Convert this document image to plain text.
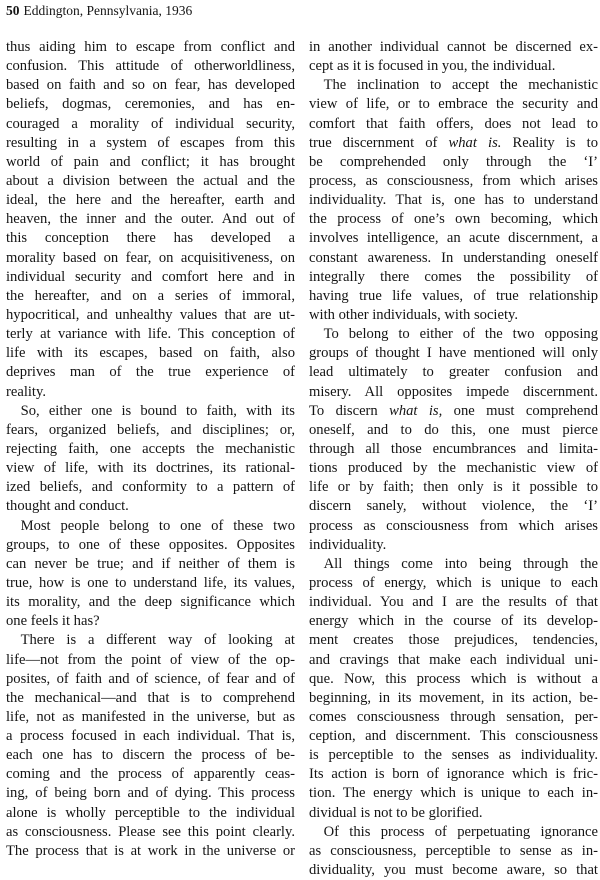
50 Eddington, Pennsylvania, 1936
thus aiding him to escape from conflict and
confusion. This attitude of otherworldliness,
based on faith and so on fear, has developed
beliefs, dogmas, ceremonies, and has en-
couraged a morality of individual security,
resulting in a system of escapes from this
world of pain and conflict; it has brought
about a division between the actual and the
ideal, the here and the hereafter, earth and
heaven, the inner and the outer. And out of
this conception there has developed a
morality based on fear, on acquisitiveness, on
individual security and comfort here and in
the hereafter, and on a series of immoral,
hypocritical, and unhealthy values that are ut-
terly at variance with life. This conception of
life with its escapes, based on faith, also
deprives man of the true experience of
reality.
 So, either one is bound to faith, with its
fears, organized beliefs, and disciplines; or,
rejecting faith, one accepts the mechanistic
view of life, with its doctrines, its rational-
ized beliefs, and conformity to a pattern of
thought and conduct.
 Most people belong to one of these two
groups, to one of these opposites. Opposites
can never be true; and if neither of them is
true, how is one to understand life, its values,
its morality, and the deep significance which
one feels it has?
 There is a different way of looking at
life—not from the point of view of the op-
posites, of faith and of science, of fear and of
the mechanical—and that is to comprehend
life, not as manifested in the universe, but as
a process focused in each individual. That is,
each one has to discern the process of be-
coming and the process of apparently ceas-
ing, of being born and of dying. This process
alone is wholly perceptible to the individual
as consciousness. Please see this point clearly.
The process that is at work in the universe or
in another individual cannot be discerned ex-
cept as it is focused in you, the individual.
 The inclination to accept the mechanistic
view of life, or to embrace the security and
comfort that faith offers, does not lead to
true discernment of what is. Reality is to
be comprehended only through the ‘I’
process, as consciousness, from which arises
individuality. That is, one has to understand
the process of one’s own becoming, which
involves intelligence, an acute discernment, a
constant awareness. In understanding oneself
integrally there comes the possibility of
having true life values, of true relationship
with other individuals, with society.
 To belong to either of the two opposing
groups of thought I have mentioned will only
lead ultimately to greater confusion and
misery. All opposites impede discernment.
To discern what is, one must comprehend
oneself, and to do this, one must pierce
through all those encumbrances and limita-
tions produced by the mechanistic view of
life or by faith; then only is it possible to
discern sanely, without violence, the ‘I’
process as consciousness from which arises
individuality.
 All things come into being through the
process of energy, which is unique to each
individual. You and I are the results of that
energy which in the course of its develop-
ment creates those prejudices, tendencies,
and cravings that make each individual uni-
que. Now, this process which is without a
beginning, in its movement, in its action, be-
comes consciousness through sensation, per-
ception, and discernment. This consciousness
is perceptible to the senses as individuality.
Its action is born of ignorance which is fric-
tion. The energy which is unique to each in-
dividual is not to be glorified.
 Of this process of perpetuating ignorance
as consciousness, perceptible to sense as in-
dividuality, you must become aware, so that
